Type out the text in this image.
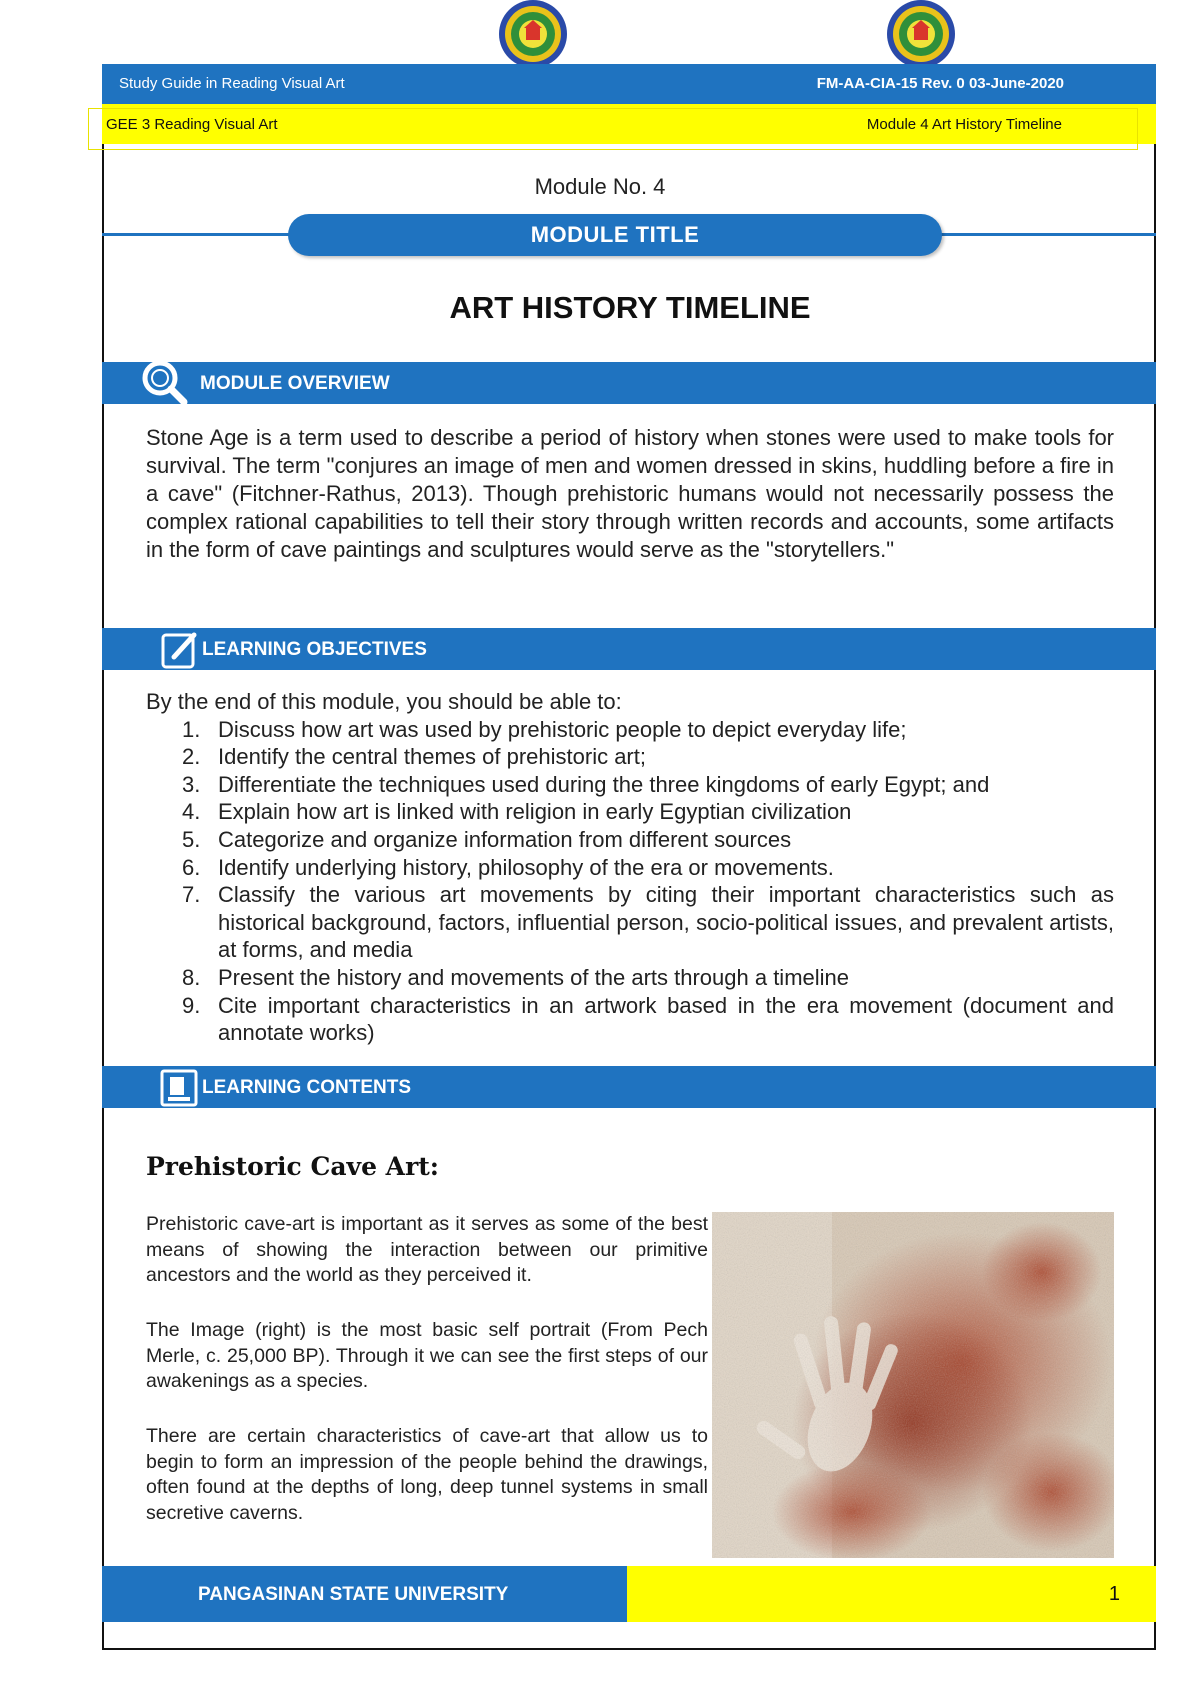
Study Guide in Reading Visual Art	FM-AA-CIA-15 Rev. 0 03-June-2020
GEE 3 Reading Visual Art	Module 4 Art History Timeline
Module No. 4
MODULE TITLE
ART HISTORY TIMELINE
MODULE OVERVIEW
Stone Age is a term used to describe a period of history when stones were used to make tools for survival. The term "conjures an image of men and women dressed in skins, huddling before a fire in a cave" (Fitchner-Rathus, 2013). Though prehistoric humans would not necessarily possess the complex rational capabilities to tell their story through written records and accounts, some artifacts in the form of cave paintings and sculptures would serve as the "storytellers."
LEARNING OBJECTIVES
By the end of this module, you should be able to:
1. Discuss how art was used by prehistoric people to depict everyday life;
2. Identify the central themes of prehistoric art;
3. Differentiate the techniques used during the three kingdoms of early Egypt; and
4. Explain how art is linked with religion in early Egyptian civilization
5. Categorize and organize information from different sources
6. Identify underlying history, philosophy of the era or movements.
7. Classify the various art movements by citing their important characteristics such as historical background, factors, influential person, socio-political issues, and prevalent artists, at forms, and media
8. Present the history and movements of the arts through a timeline
9. Cite important characteristics in an artwork based in the era movement (document and annotate works)
LEARNING CONTENTS
Prehistoric Cave Art:
Prehistoric cave-art is important as it serves as some of the best means of showing the interaction between our primitive ancestors and the world as they perceived it.
The Image (right) is the most basic self portrait (From Pech Merle, c. 25,000 BP). Through it we can see the first steps of our awakenings as a species.
There are certain characteristics of cave-art that allow us to begin to form an impression of the people behind the drawings, often found at the depths of long, deep tunnel systems in small secretive caverns.
PANGASINAN STATE UNIVERSITY	1
